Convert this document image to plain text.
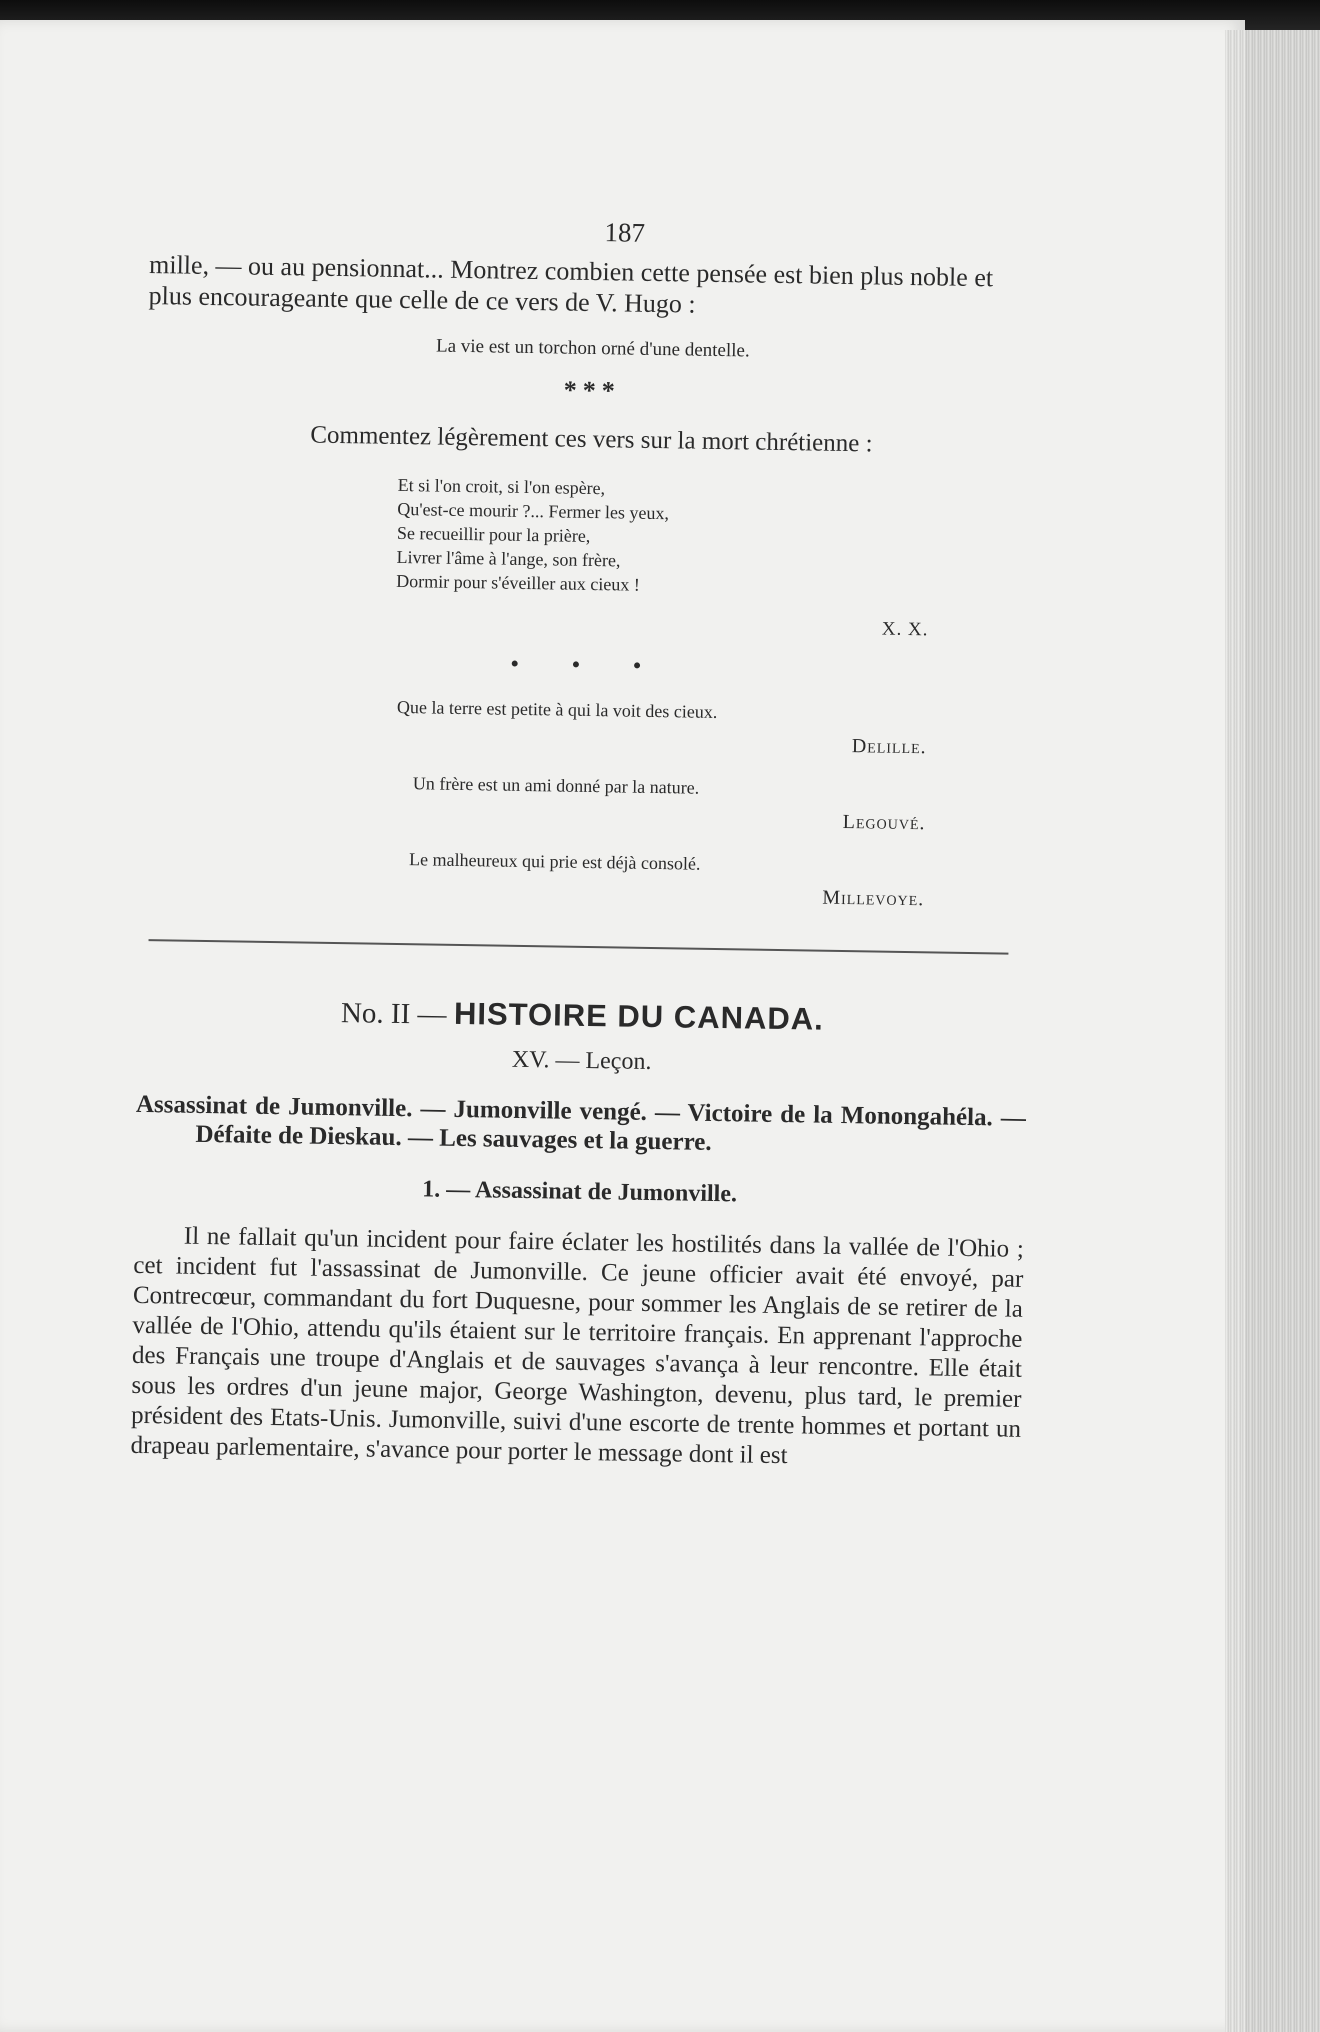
187

mille, — ou au pensionnat... Montrez combien cette pensée est bien plus noble et plus encourageante que celle de ce vers de V. Hugo :

La vie est un torchon orné d'une dentelle.
***
Commentez légèrement ces vers sur la mort chrétienne :
Et si l'on croit, si l'on espère,
Qu'est-ce mourir ?... Fermer les yeux,
Se recueillir pour la prière,
Livrer l'âme à l'ange, son frère,
Dormir pour s'éveiller aux cieux !
X. X.
• • •
Que la terre est petite à qui la voit des cieux.
Delille.
Un frère est un ami donné par la nature.
Legouvé.
Le malheureux qui prie est déjà consolé.
Millevoye.
No. II — HISTOIRE DU CANADA.
XV. — Leçon.
Assassinat de Jumonville. — Jumonville vengé. — Victoire de la Monongahéla. — Défaite de Dieskau. — Les sauvages et la guerre.
1. — Assassinat de Jumonville.
Il ne fallait qu'un incident pour faire éclater les hostilités dans la vallée de l'Ohio ; cet incident fut l'assassinat de Jumonville. Ce jeune officier avait été envoyé, par Contrecœur, commandant du fort Duquesne, pour sommer les Anglais de se retirer de la vallée de l'Ohio, attendu qu'ils étaient sur le territoire français. En apprenant l'approche des Français une troupe d'Anglais et de sauvages s'avança à leur rencontre. Elle était sous les ordres d'un jeune major, George Washington, devenu, plus tard, le premier président des Etats-Unis. Jumonville, suivi d'une escorte de trente hommes et portant un drapeau parlementaire, s'avance pour porter le message dont il est
